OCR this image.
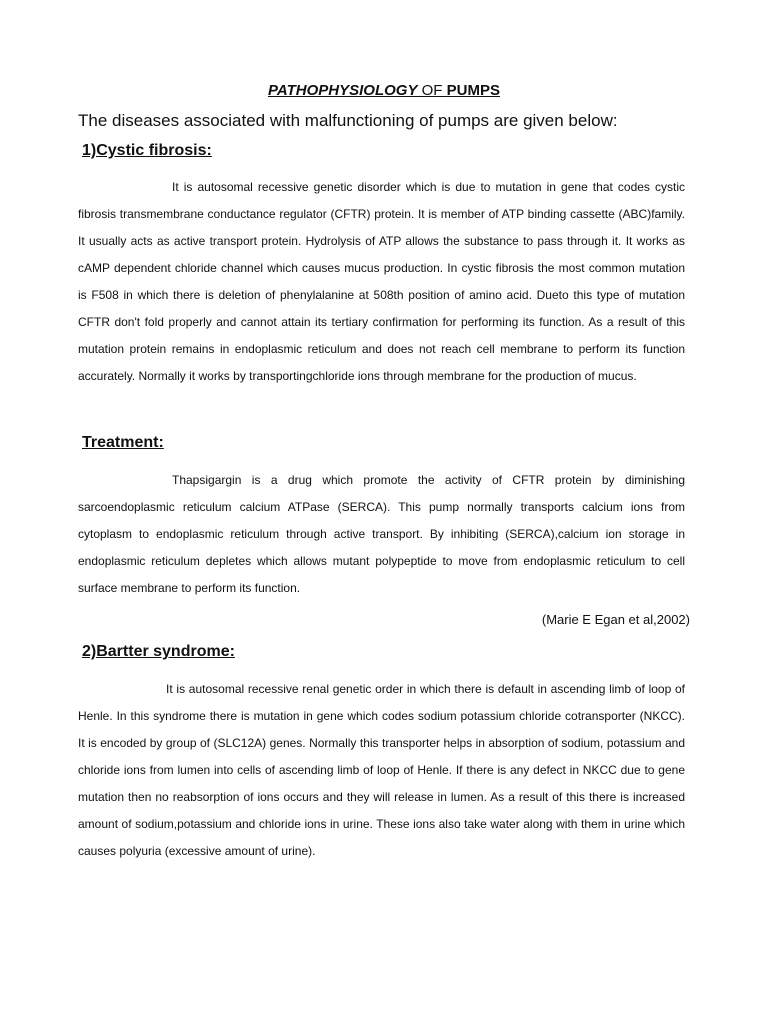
PATHOPHYSIOLOGY OF PUMPS
The diseases associated with malfunctioning of pumps are given below:
1)Cystic fibrosis:

It is autosomal recessive genetic disorder which is due to mutation in gene that codes cystic fibrosis transmembrane conductance regulator (CFTR) protein. It is member of ATP binding cassette (ABC)family. It usually acts as active transport protein. Hydrolysis of ATP allows the substance to pass through it. It works as cAMP dependent chloride channel which causes mucus production. In cystic fibrosis the most common mutation is F508 in which there is deletion of phenylalanine at 508th position of amino acid. Dueto this type of mutation CFTR don't fold properly and cannot attain its tertiary confirmation for performing its function. As a result of this mutation protein remains in endoplasmic reticulum and does not reach cell membrane to perform its function accurately. Normally it works by transportingchloride ions through membrane for the production of mucus.

Treatment:

Thapsigargin is a drug which promote the activity of CFTR protein by diminishing sarcoendoplasmic reticulum calcium ATPase (SERCA). This pump normally transports calcium ions from cytoplasm to endoplasmic reticulum through active transport. By inhibiting (SERCA),calcium ion storage in endoplasmic reticulum depletes which allows mutant polypeptide to move from endoplasmic reticulum to cell surface membrane to perform its function.

(Marie E Egan et al,2002)
2)Bartter syndrome:

It is autosomal recessive renal genetic order in which there is default in ascending limb of loop of Henle. In this syndrome there is mutation in gene which codes sodium potassium chloride cotransporter (NKCC). It is encoded by group of (SLC12A) genes. Normally this transporter helps in absorption of sodium, potassium and chloride ions from lumen into cells of ascending limb of loop of Henle. If there is any defect in NKCC due to gene mutation then no reabsorption of ions occurs and they will release in lumen. As a result of this there is increased amount of sodium,potassium and chloride ions in urine. These ions also take water along with them in urine which causes polyuria (excessive amount of urine).
